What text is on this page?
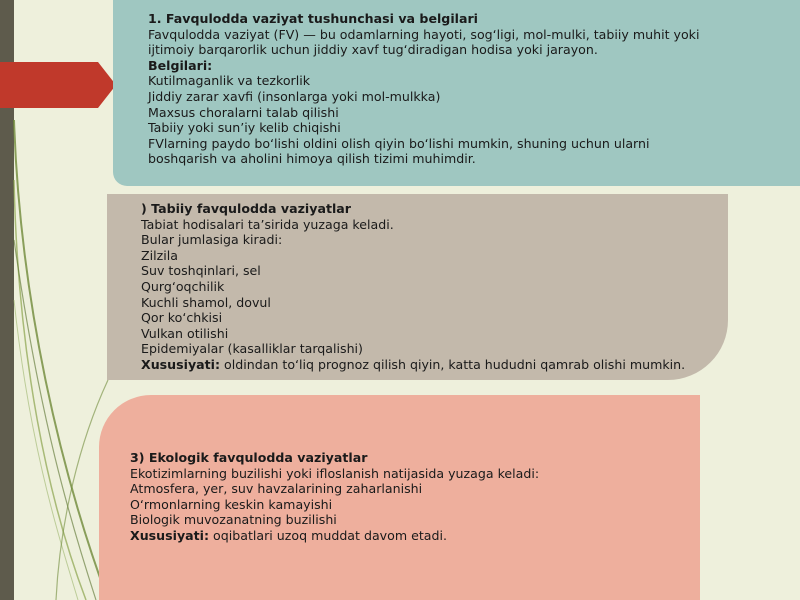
1. Favqulodda vaziyat tushunchasi va belgilari

Favqulodda vaziyat (FV) — bu odamlarning hayoti, sog‘ligi, mol-mulki, tabiiy muhit yoki

ijtimoiy barqarorlik uchun jiddiy xavf tug‘diradigan hodisa yoki jarayon.

Belgilari:

Kutilmaganlik va tezkorlik

Jiddiy zarar xavfi (insonlarga yoki mol-mulkka)

Maxsus choralarni talab qilishi

Tabiiy yoki sun’iy kelib chiqishi

FVlarning paydo bo‘lishi oldini olish qiyin bo‘lishi mumkin, shuning uchun ularni

boshqarish va aholini himoya qilish tizimi muhimdir.

) Tabiiy favqulodda vaziyatlar

Tabiat hodisalari ta’sirida yuzaga keladi.

Bular jumlasiga kiradi:

Zilzila

Suv toshqinlari, sel

Qurg‘oqchilik

Kuchli shamol, dovul

Qor ko‘chkisi

Vulkan otilishi

Epidemiyalar (kasalliklar tarqalishi)

Xususiyati: oldindan to‘liq prognoz qilish qiyin, katta hududni qamrab olishi mumkin.

3) Ekologik favqulodda vaziyatlar

Ekotizimlarning buzilishi yoki ifloslanish natijasida yuzaga keladi:

Atmosfera, yer, suv havzalarining zaharlanishi

O‘rmonlarning keskin kamayishi

Biologik muvozanatning buzilishi

Xususiyati: oqibatlari uzoq muddat davom etadi.
